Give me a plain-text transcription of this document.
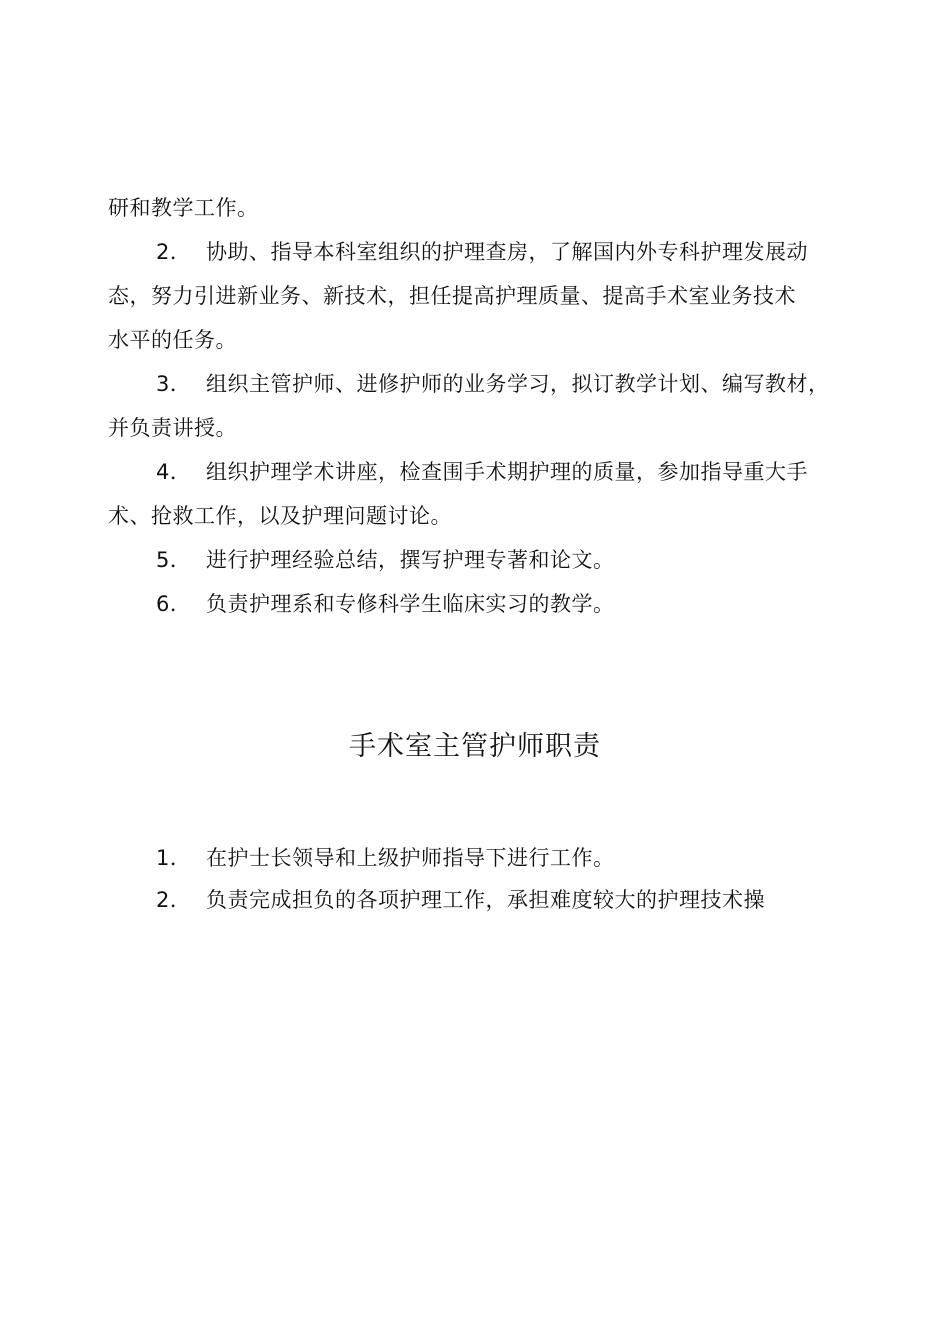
研和教学工作。
2． 协助、指导本科室组织的护理查房，了解国内外专科护理发展动
态，努力引进新业务、新技术，担任提高护理质量、提高手术室业务技术
水平的任务。
3． 组织主管护师、进修护师的业务学习，拟订教学计划、编写教材，
并负责讲授。
4． 组织护理学术讲座，检查围手术期护理的质量，参加指导重大手
术、抢救工作，以及护理问题讨论。
5． 进行护理经验总结，撰写护理专著和论文。
6． 负责护理系和专修科学生临床实习的教学。
手术室主管护师职责
1． 在护士长领导和上级护师指导下进行工作。
2． 负责完成担负的各项护理工作，承担难度较大的护理技术操
